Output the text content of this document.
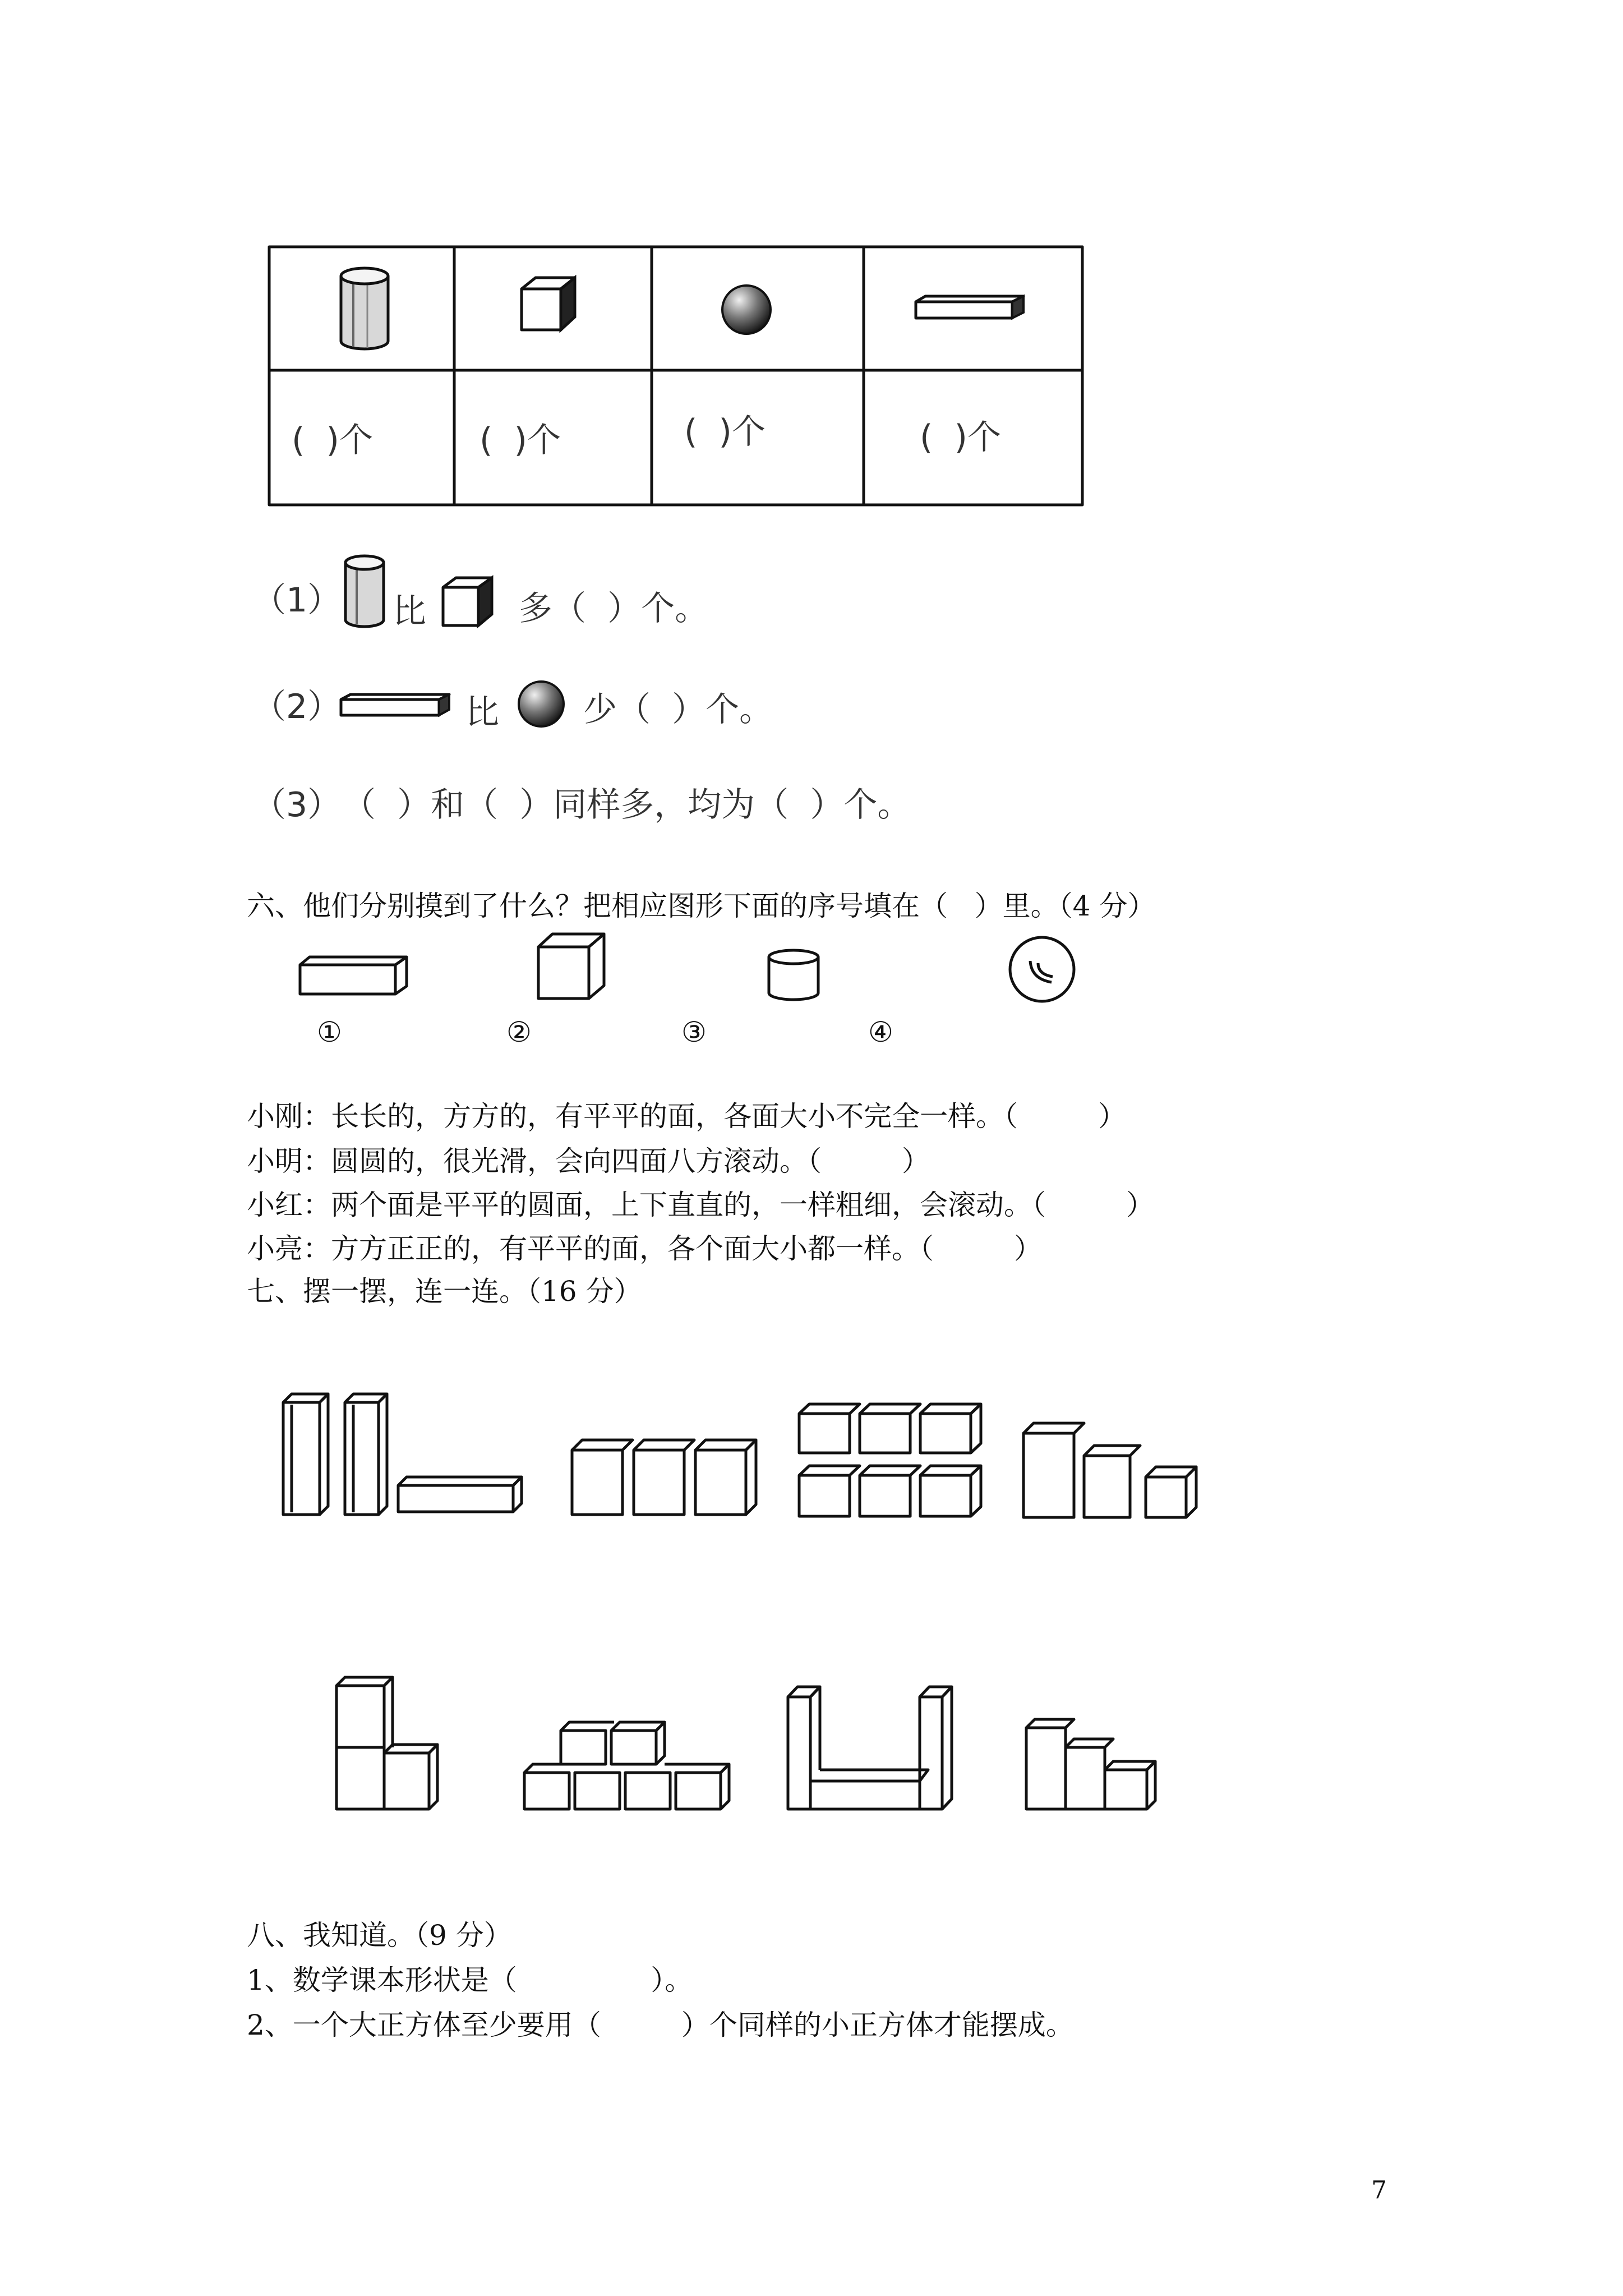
(  )个	(  )个	(  )个	(  )个
（1） 比	多（  ）个。
（2）	比	少（  ）个。
（3） （  ）和（  ）同样多，均为（  ）个。
六、他们分别摸到了什么？把相应图形下面的序号填在（   ）里。（4 分）
①	②	③	④
小刚：长长的，方方的，有平平的面，各面大小不完全一样。（         ）
小明：圆圆的，很光滑，会向四面八方滚动。（         ）
小红：两个面是平平的圆面，上下直直的，一样粗细，会滚动。（         ）
小亮：方方正正的，有平平的面，各个面大小都一样。（         ）
七、摆一摆，连一连。（16 分）
八、我知道。（9 分）
1、数学课本形状是（               ）。
2、一个大正方体至少要用（         ）个同样的小正方体才能摆成。
7
